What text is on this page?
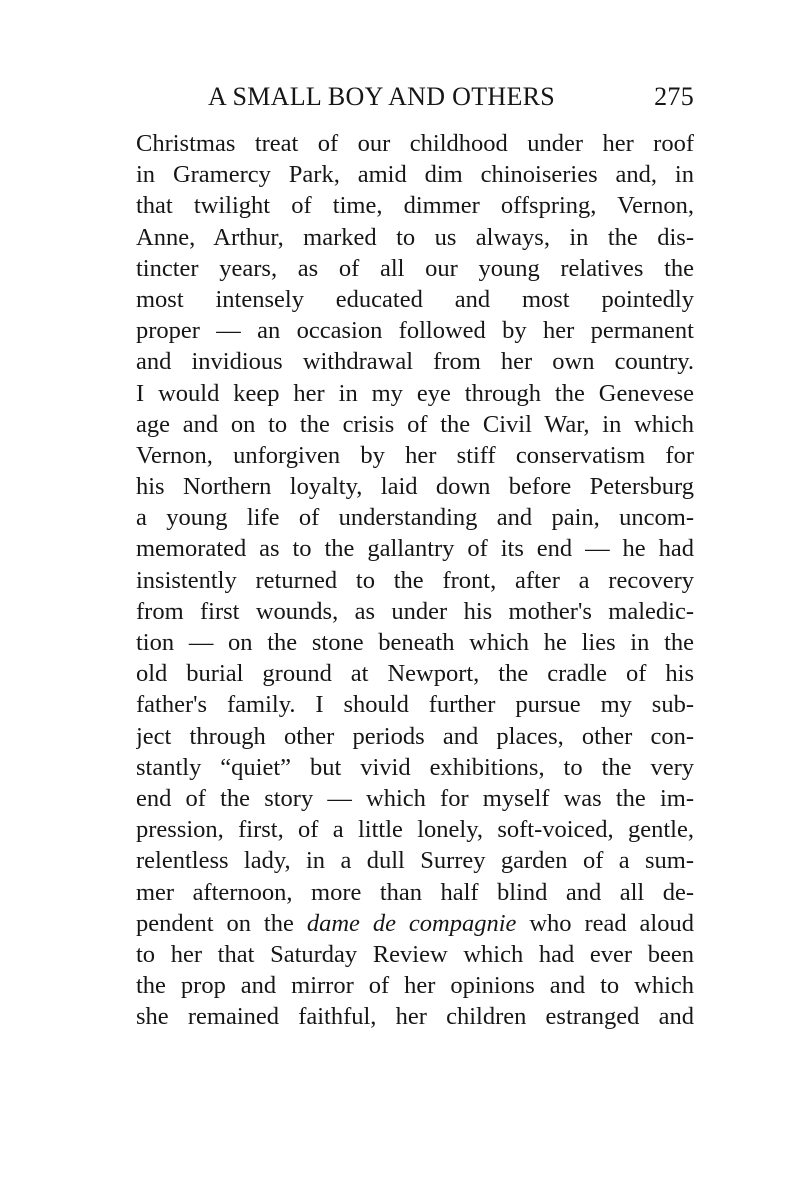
A SMALL BOY AND OTHERS	275
Christmas treat of our childhood under her roof
in Gramercy Park, amid dim chinoiseries and, in
that twilight of time, dimmer offspring, Vernon,
Anne, Arthur, marked to us always, in the dis-
tincter years, as of all our young relatives the
most intensely educated and most pointedly
proper — an occasion followed by her permanent
and invidious withdrawal from her own country.
I would keep her in my eye through the Genevese
age and on to the crisis of the Civil War, in which
Vernon, unforgiven by her stiff conservatism for
his Northern loyalty, laid down before Petersburg
a young life of understanding and pain, uncom-
memorated as to the gallantry of its end — he had
insistently returned to the front, after a recovery
from first wounds, as under his mother's maledic-
tion — on the stone beneath which he lies in the
old burial ground at Newport, the cradle of his
father's family. I should further pursue my sub-
ject through other periods and places, other con-
stantly “quiet” but vivid exhibitions, to the very
end of the story — which for myself was the im-
pression, first, of a little lonely, soft-voiced, gentle,
relentless lady, in a dull Surrey garden of a sum-
mer afternoon, more than half blind and all de-
pendent on the dame de compagnie who read aloud
to her that Saturday Review which had ever been
the prop and mirror of her opinions and to which
she remained faithful, her children estranged and
